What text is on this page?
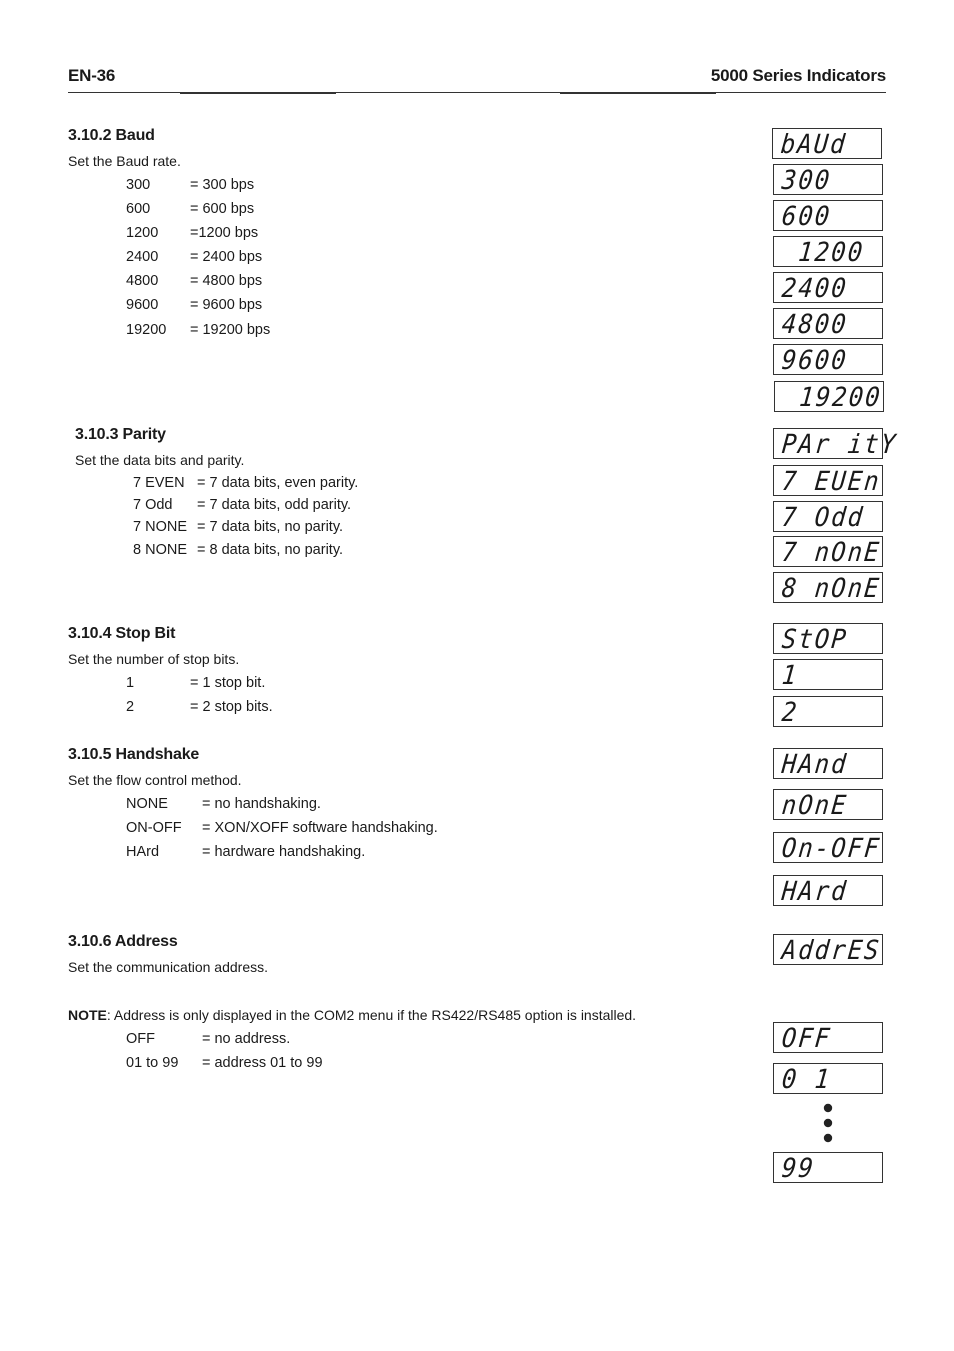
EN-36	5000 Series Indicators
3.10.2 Baud
Set the Baud rate.
300	= 300 bps
600	= 600 bps
1200 =1200 bps
2400 = 2400 bps
4800 = 4800 bps
9600 = 9600 bps
19200 = 19200 bps
3.10.3 Parity
Set the data bits and parity.
7 EVEN = 7 data bits, even parity.
7 Odd = 7 data bits, odd parity.
7 NONE = 7 data bits, no parity.
8 NONE = 8 data bits, no parity.
3.10.4 Stop Bit
Set the number of stop bits.
1	= 1 stop bit.
2	= 2 stop bits.
3.10.5 Handshake
Set the flow control method.
NONE = no handshaking.
ON-OFF = XON/XOFF software handshaking.
HArd	= hardware handshaking.
3.10.6 Address
Set the communication address.
NOTE: Address is only displayed in the COM2 menu if the RS422/RS485 option is installed.
OFF	= no address.
01 to 99 = address 01 to 99
bAUd
300
600
1200
2400
4800
9600
19200
PAr itY
7 EUEn
7 Odd
7 nOnE
8 nOnE
StOP
1
2
HAnd
nOnE
On-OFF
HArd
AddrES
OFF
0 1
99
